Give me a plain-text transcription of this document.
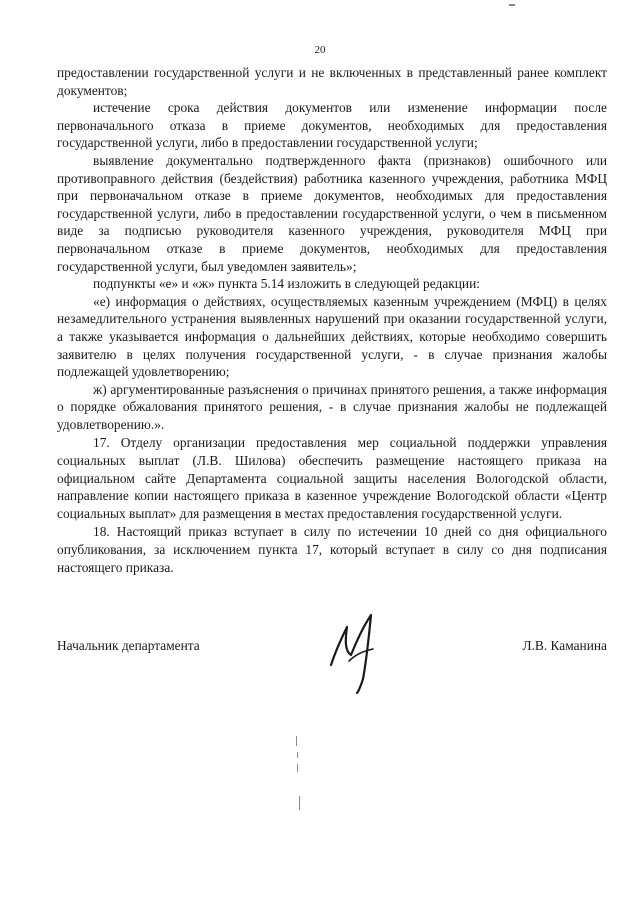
20

предоставлении государственной услуги и не включенных в представленный ранее комплект документов;

истечение срока действия документов или изменение информации после первоначального отказа в приеме документов, необходимых для предоставления государственной услуги, либо в предоставлении государственной услуги;

выявление документально подтвержденного факта (признаков) ошибочного или противоправного действия (бездействия) работника казенного учреждения, работника МФЦ при первоначальном отказе в приеме документов, необходимых для предоставления государственной услуги, либо в предоставлении государственной услуги, о чем в письменном виде за подписью руководителя казенного учреждения, руководителя МФЦ при первоначальном отказе в приеме документов, необходимых для предоставления государственной услуги, был уведомлен заявитель»;

подпункты «е» и «ж» пункта 5.14 изложить в следующей редакции:

«е) информация о действиях, осуществляемых казенным учреждением (МФЦ) в целях незамедлительного устранения выявленных нарушений при оказании государственной услуги, а также указывается информация о дальнейших действиях, которые необходимо совершить заявителю в целях получения государственной услуги, - в случае признания жалобы подлежащей удовлетворению;

ж) аргументированные разъяснения о причинах принятого решения, а также информация о порядке обжалования принятого решения, - в случае признания жалобы не подлежащей удовлетворению.».

17. Отделу организации предоставления мер социальной поддержки управления социальных выплат (Л.В. Шилова) обеспечить размещение настоящего приказа на официальном сайте Департамента социальной защиты населения Вологодской области, направление копии настоящего приказа в казенное учреждение Вологодской области «Центр социальных выплат» для размещения в местах предоставления государственной услуги.

18. Настоящий приказ вступает в силу по истечении 10 дней со дня официального опубликования, за исключением пункта 17, который вступает в силу со дня подписания настоящего приказа.

Начальник департамента	Л.В. Каманина
